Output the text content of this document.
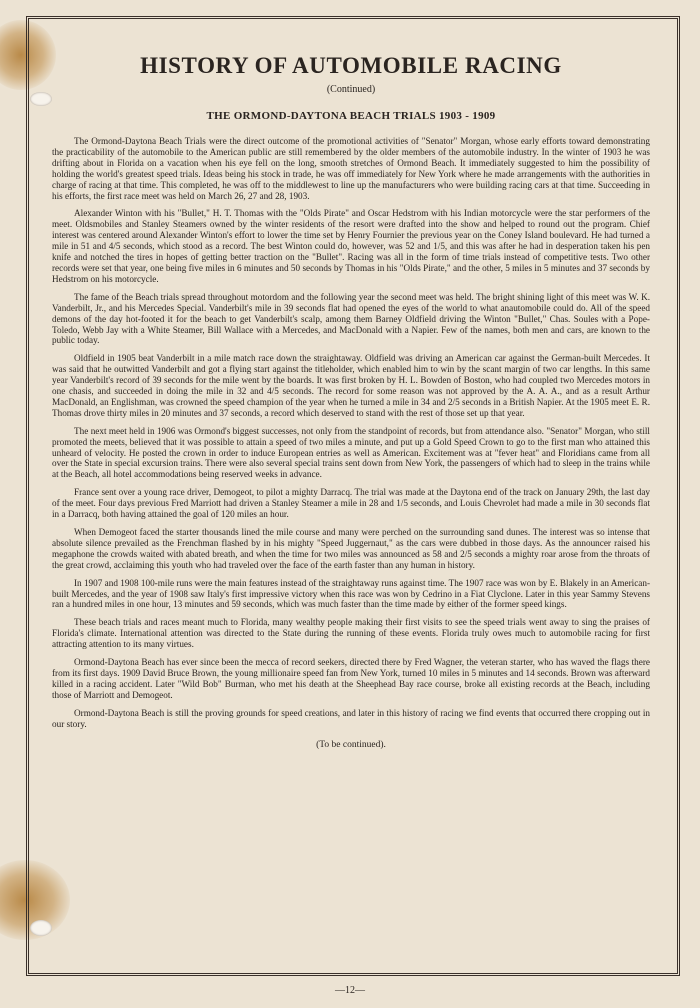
HISTORY OF AUTOMOBILE RACING
(Continued)
THE ORMOND-DAYTONA BEACH TRIALS 1903 - 1909

The Ormond-Daytona Beach Trials were the direct outcome of the promotional activities of "Senator" Morgan, whose early efforts toward demonstrating the practicability of the automobile to the American public are still remembered by the older members of the automobile industry. In the winter of 1903 he was drifting about in Florida on a vacation when his eye fell on the long, smooth stretches of Ormond Beach. It immediately suggested to him the possibility of holding the world's greatest speed trials. Ideas being his stock in trade, he was off immediately for New York where he made arrangements with the authorities in charge of racing at that time. This completed, he was off to the middlewest to line up the manufacturers who were building racing cars at that time. Succeeding in his efforts, the first race meet was held on March 26, 27 and 28, 1903.

Alexander Winton with his "Bullet," H. T. Thomas with the "Olds Pirate" and Oscar Hedstrom with his Indian motorcycle were the star performers of the meet. Oldsmobiles and Stanley Steamers owned by the winter residents of the resort were drafted into the show and helped to round out the program. Chief interest was centered around Alexander Winton's effort to lower the time set by Henry Fournier the previous year on the Coney Island boulevard. He had turned a mile in 51 and 4/5 seconds, which stood as a record. The best Winton could do, however, was 52 and 1/5, and this was after he had in desperation taken his pen knife and notched the tires in hopes of getting better traction on the "Bullet". Racing was all in the form of time trials instead of competitive tests. Two other records were set that year, one being five miles in 6 minutes and 50 seconds by Thomas in his "Olds Pirate," and the other, 5 miles in 5 minutes and 37 seconds by Hedstrom on his motorcycle.

The fame of the Beach trials spread throughout motordom and the following year the second meet was held. The bright shining light of this meet was W. K. Vanderbilt, Jr., and his Mercedes Special. Vanderbilt's mile in 39 seconds flat had opened the eyes of the world to what anautomobile could do. All of the speed demons of the day hot-footed it for the beach to get Vanderbilt's scalp, among them Barney Oldfield driving the Winton "Bullet," Chas. Soules with a Pope-Toledo, Webb Jay with a White Steamer, Bill Wallace with a Mercedes, and MacDonald with a Napier. Few of the names, both men and cars, are known to the public today.

Oldfield in 1905 beat Vanderbilt in a mile match race down the straightaway. Oldfield was driving an American car against the German-built Mercedes. It was said that he outwitted Vanderbilt and got a flying start against the titleholder, which enabled him to win by the scant margin of two car lengths. In this same year Vanderbilt's record of 39 seconds for the mile went by the boards. It was first broken by H. L. Bowden of Boston, who had coupled two Mercedes motors in one chasis, and succeeded in doing the mile in 32 and 4/5 seconds. The record for some reason was not approved by the A. A. A., and as a result Arthur MacDonald, an Englishman, was crowned the speed champion of the year when he turned a mile in 34 and 2/5 seconds in a British Napier. At the 1905 meet E. R. Thomas drove thirty miles in 20 minutes and 37 seconds, a record which deserved to stand with the rest of those set up that year.

The next meet held in 1906 was Ormond's biggest successes, not only from the standpoint of records, but from attendance also. "Senator" Morgan, who still promoted the meets, believed that it was possible to attain a speed of two miles a minute, and put up a Gold Speed Crown to go to the first man who attained this unheard of velocity. He posted the crown in order to induce European entries as well as American. Excitement was at "fever heat" and Floridians came from all over the State in special excursion trains. There were also several special trains sent down from New York, the passengers of which had to sleep in the trains while at the Beach, all hotel accommodations being reserved weeks in advance.

France sent over a young race driver, Demogeot, to pilot a mighty Darracq. The trial was made at the Daytona end of the track on January 29th, the last day of the meet. Four days previous Fred Marriott had driven a Stanley Steamer a mile in 28 and 1/5 seconds, and Louis Chevrolet had made a mile in 30 seconds flat in a Darracq, both having attained the goal of 120 miles an hour.

When Demogeot faced the starter thousands lined the mile course and many were perched on the surrounding sand dunes. The interest was so intense that absolute silence prevailed as the Frenchman flashed by in his mighty "Speed Juggernaut," as the cars were dubbed in those days. As the announcer raised his megaphone the crowds waited with abated breath, and when the time for two miles was announced as 58 and 2/5 seconds a mighty roar arose from the throats of the great crowd, acclaiming this youth who had traveled over the face of the earth faster than any human in history.

In 1907 and 1908 100-mile runs were the main features instead of the straightaway runs against time. The 1907 race was won by E. Blakely in an American-built Mercedes, and the year of 1908 saw Italy's first impressive victory when this race was won by Cedrino in a Fiat Clyclone. Later in this year Sammy Stevens ran a hundred miles in one hour, 13 minutes and 59 seconds, which was much faster than the time made by either of the former speed kings.

These beach trials and races meant much to Florida, many wealthy people making their first visits to see the speed trials went away to sing the praises of Florida's climate. International attention was directed to the State during the running of these events. Florida truly owes much to automobile racing for first attracting attention to its many virtues.

Ormond-Daytona Beach has ever since been the mecca of record seekers, directed there by Fred Wagner, the veteran starter, who has waved the flags there from its first days. 1909 David Bruce Brown, the young millionaire speed fan from New York, turned 10 miles in 5 minutes and 14 seconds. Brown was afterward killed in a racing accident. Later "Wild Bob" Burman, who met his death at the Sheephead Bay race course, broke all existing records at the Beach, including those of Marriott and Demogeot.

Ormond-Daytona Beach is still the proving grounds for speed creations, and later in this history of racing we find events that occurred there cropping out in our story.

(To be continued).
—12—
